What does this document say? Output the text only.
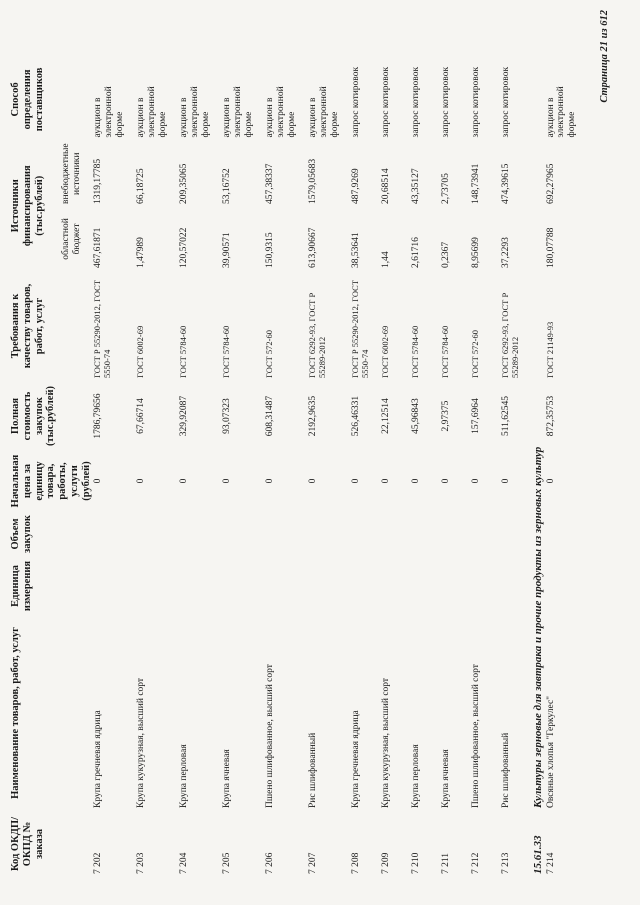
Код ОКДП/ ОКПД № заказа	Наименование товаров, работ, услуг	Единица измерения	Объем закупок	Начальная цена за единицу товара, работы, услуги (рублей)	Полная стоимость закупок (тыс.рублей)	Требования к качеству товаров, работ, услуг	Источники финансирования (тыс.рублей)		Способ определения поставщиков
							областной бюджет	внебюджетные источники	
7 202	Крупа гречневая ядрица			0	1786,79656	ГОСТ Р 55290-2012, ГОСТ 5550-74	467,61871	1319,17785	аукцион в электронной форме
7 203	Крупа кукурузная, высший сорт			0	67,66714	ГОСТ 6002-69	1,47989	66,18725	аукцион в электронной форме
7 204	Крупа перловая			0	329,92087	ГОСТ 5784-60	120,57022	209,35065	аукцион в электронной форме
7 205	Крупа ячневая			0	93,07323	ГОСТ 5784-60	39,90571	53,16752	аукцион в электронной форме
7 206	Пшено шлифованное, высший сорт			0	608,31487	ГОСТ 572-60	150,9315	457,38337	аукцион в электронной форме
7 207	Рис шлифованный			0	2192,9635	ГОСТ 6292-93, ГОСТ Р 55289-2012	613,90667	1579,05683	аукцион в электронной форме
7 208	Крупа гречневая ядрица			0	526,46331	ГОСТ Р 55290-2012, ГОСТ 5550-74	38,53641	487,9269	запрос котировок
7 209	Крупа кукурузная, высший сорт			0	22,12514	ГОСТ 6002-69	1,44	20,68514	запрос котировок
7 210	Крупа перловая			0	45,96843	ГОСТ 5784-60	2,61716	43,35127	запрос котировок
7 211	Крупа ячневая			0	2,97375	ГОСТ 5784-60	0,2367	2,73705	запрос котировок
7 212	Пшено шлифованное, высший сорт			0	157,6964	ГОСТ 572-60	8,95699	148,73941	запрос котировок
7 213	Рис шлифованный			0	511,62545	ГОСТ 6292-93, ГОСТ Р 55289-2012	37,2293	474,39615	запрос котировок
15.61.33	Культуры зерновые для завтрака и прочие продукты из зерновых культур								
7 214	Овсяные хлопья "Геркулес"			0	872,35753	ГОСТ 21149-93	180,07788	692,27965	аукцион в электронной форме
Страница 21 из 612
